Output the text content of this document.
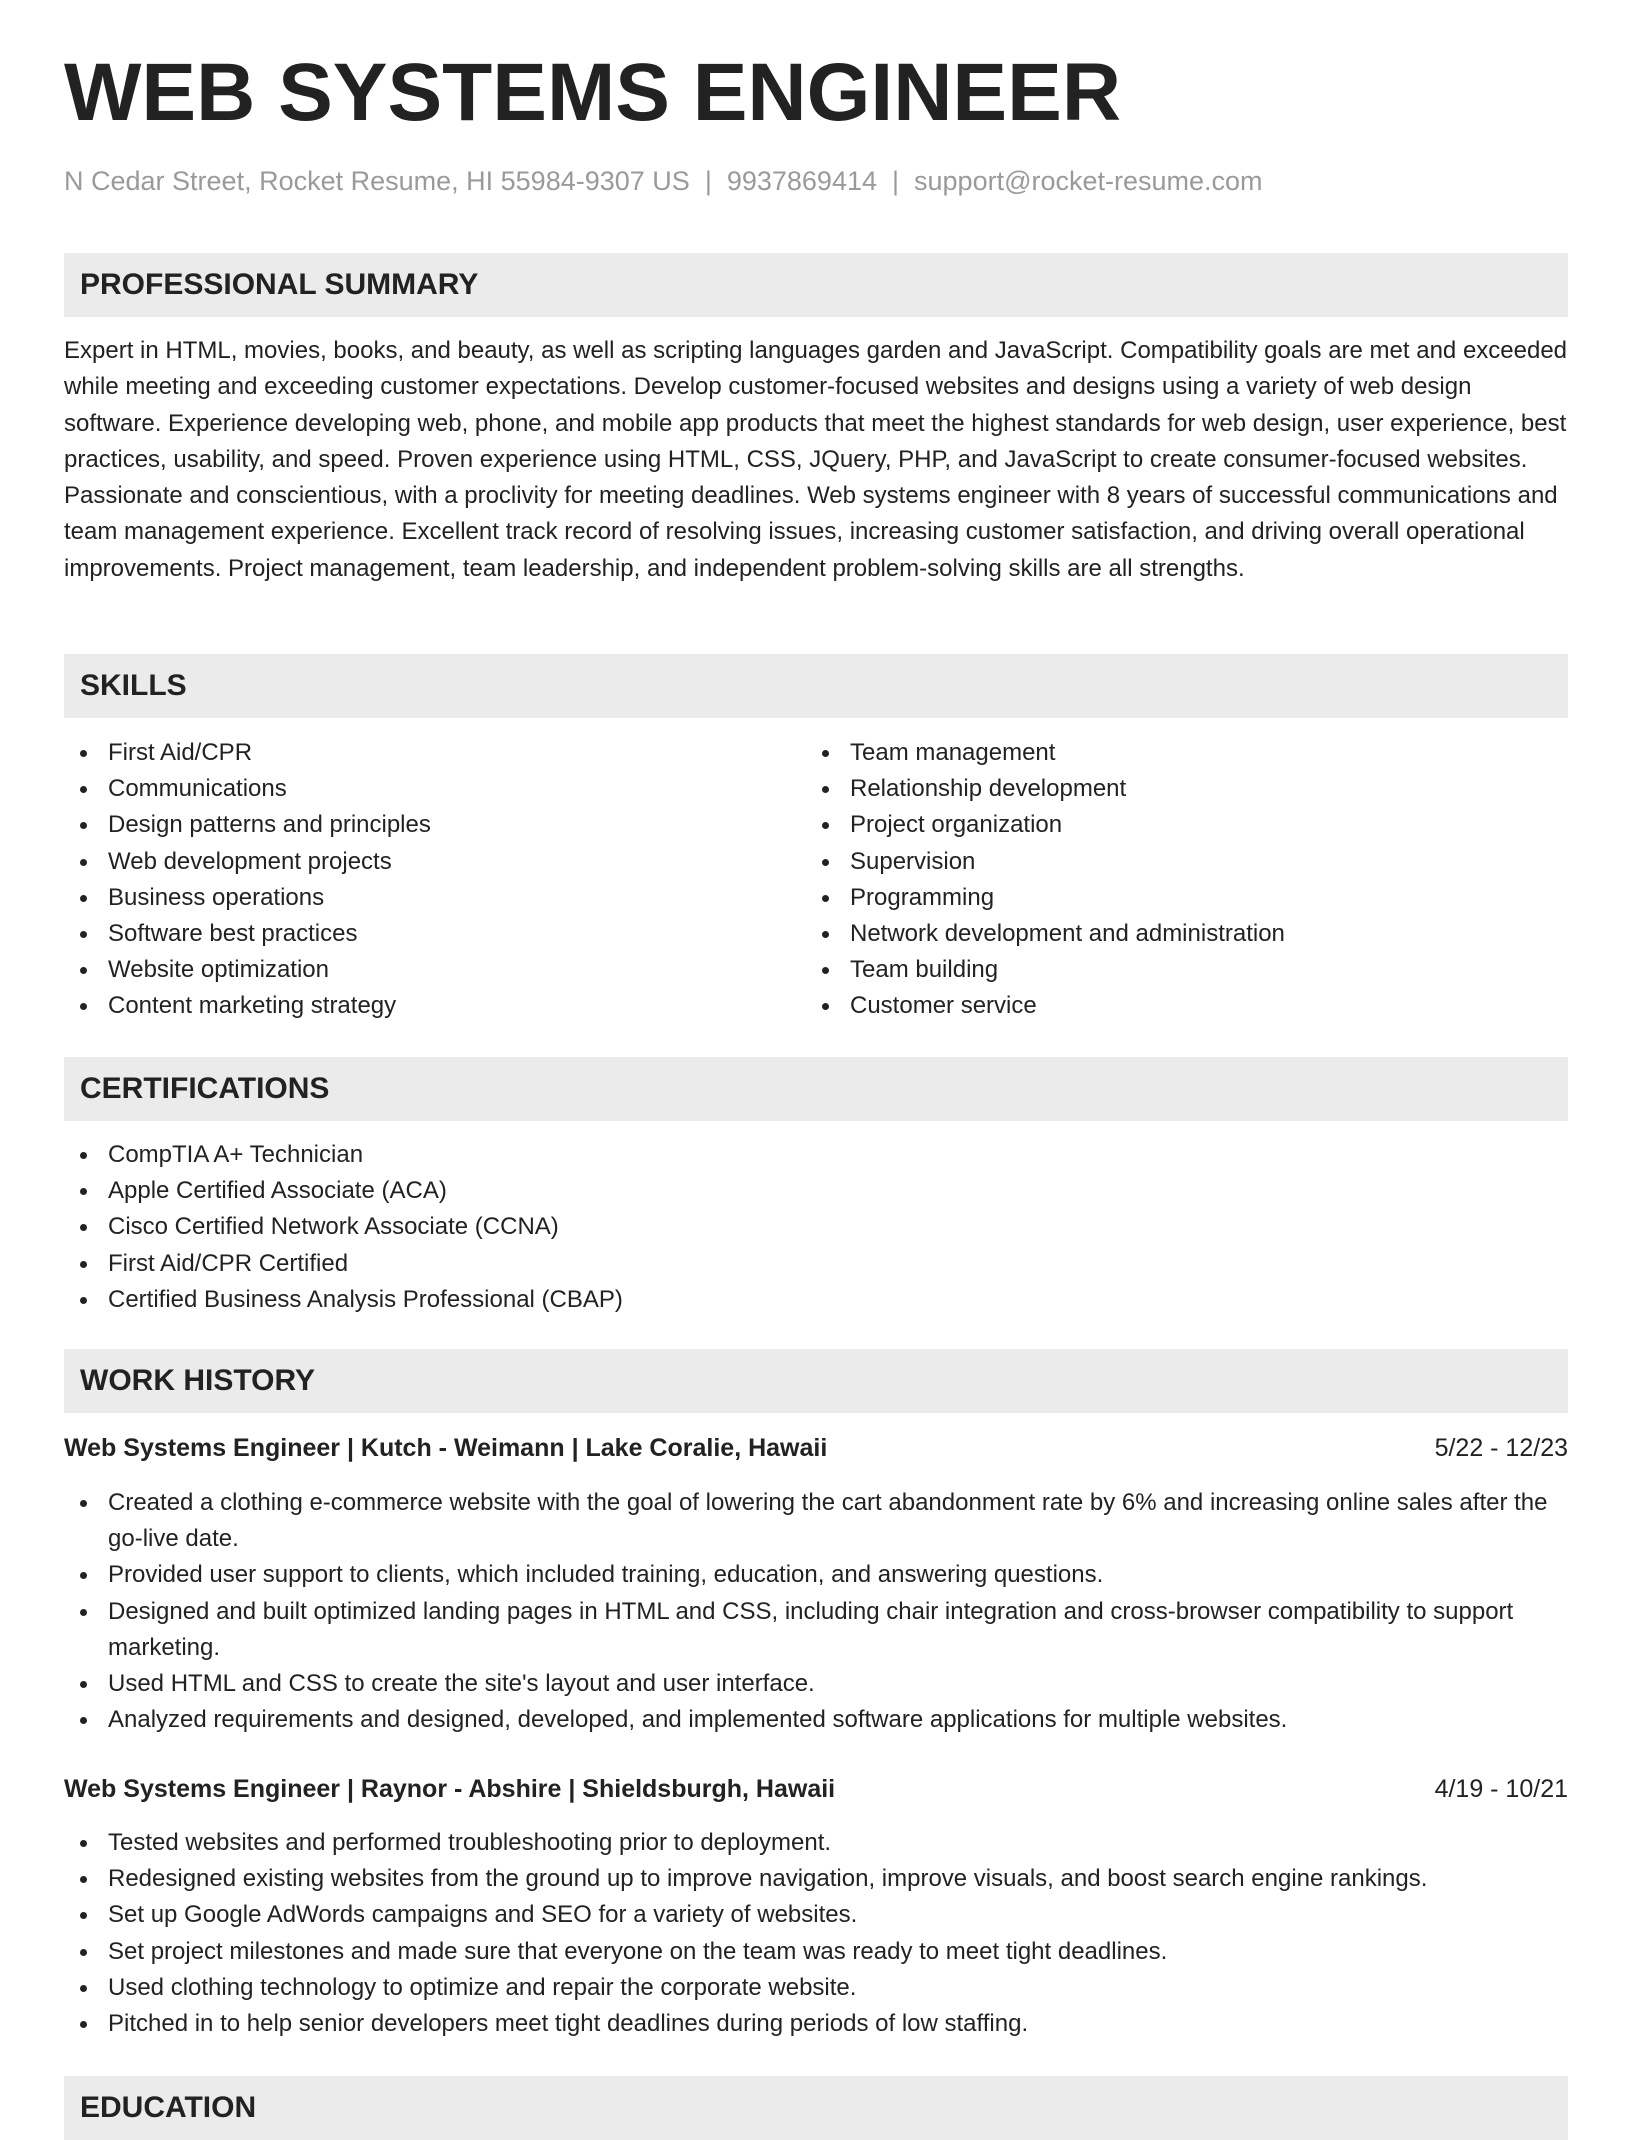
WEB SYSTEMS ENGINEER
N Cedar Street, Rocket Resume, HI 55984-9307 US | 9937869414 | support@rocket-resume.com
PROFESSIONAL SUMMARY

Expert in HTML, movies, books, and beauty, as well as scripting languages garden and JavaScript. Compatibility goals are met and exceeded while meeting and exceeding customer expectations. Develop customer-focused websites and designs using a variety of web design software. Experience developing web, phone, and mobile app products that meet the highest standards for web design, user experience, best practices, usability, and speed. Proven experience using HTML, CSS, JQuery, PHP, and JavaScript to create consumer-focused websites. Passionate and conscientious, with a proclivity for meeting deadlines. Web systems engineer with 8 years of successful communications and team management experience. Excellent track record of resolving issues, increasing customer satisfaction, and driving overall operational improvements. Project management, team leadership, and independent problem-solving skills are all strengths.

SKILLS
First Aid/CPR
Communications
Design patterns and principles
Web development projects
Business operations
Software best practices
Website optimization
Content marketing strategy
Team management
Relationship development
Project organization
Supervision
Programming
Network development and administration
Team building
Customer service
CERTIFICATIONS
CompTIA A+ Technician
Apple Certified Associate (ACA)
Cisco Certified Network Associate (CCNA)
First Aid/CPR Certified
Certified Business Analysis Professional (CBAP)
WORK HISTORY
Web Systems Engineer | Kutch - Weimann | Lake Coralie, Hawaii	5/22 - 12/23
Created a clothing e-commerce website with the goal of lowering the cart abandonment rate by 6% and increasing online sales after the go-live date.
Provided user support to clients, which included training, education, and answering questions.
Designed and built optimized landing pages in HTML and CSS, including chair integration and cross-browser compatibility to support marketing.
Used HTML and CSS to create the site's layout and user interface.
Analyzed requirements and designed, developed, and implemented software applications for multiple websites.
Web Systems Engineer | Raynor - Abshire | Shieldsburgh, Hawaii	4/19 - 10/21
Tested websites and performed troubleshooting prior to deployment.
Redesigned existing websites from the ground up to improve navigation, improve visuals, and boost search engine rankings.
Set up Google AdWords campaigns and SEO for a variety of websites.
Set project milestones and made sure that everyone on the team was ready to meet tight deadlines.
Used clothing technology to optimize and repair the corporate website.
Pitched in to help senior developers meet tight deadlines during periods of low staffing.
EDUCATION
